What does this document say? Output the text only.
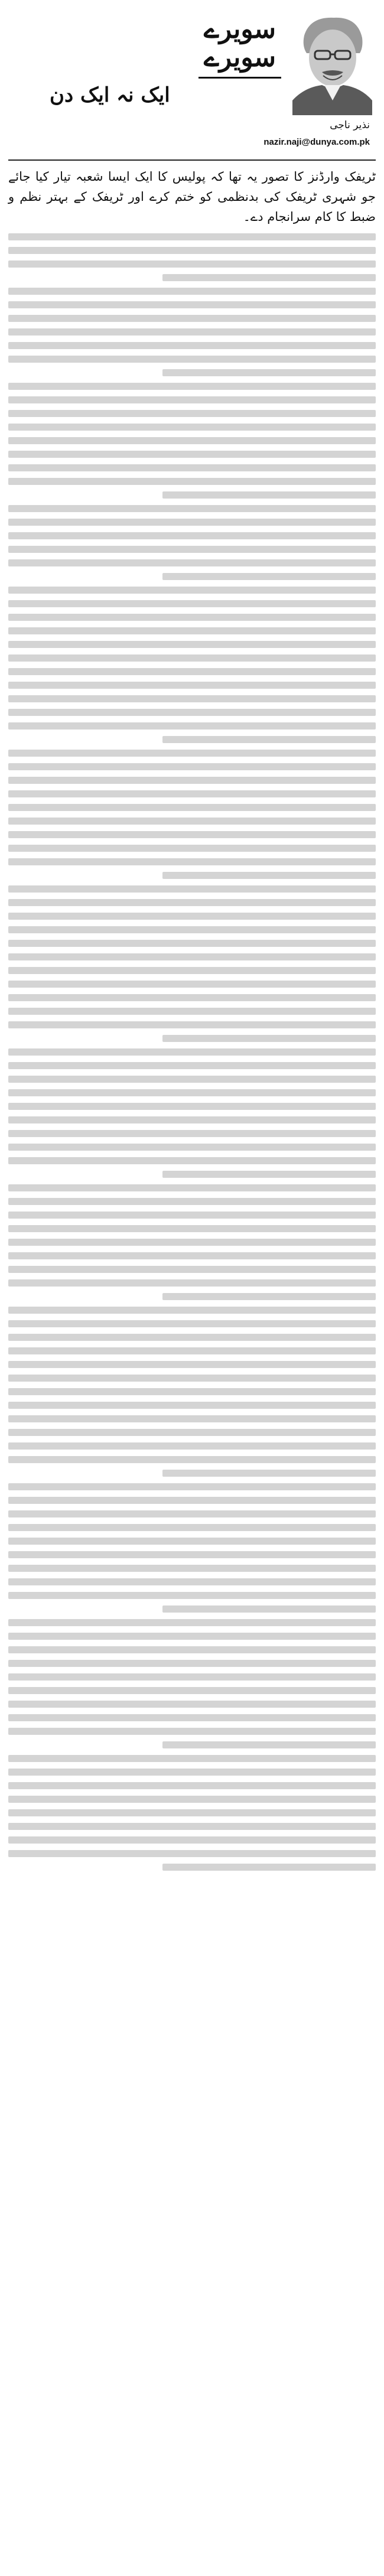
سویرے سویرے
ایک نہ ایک دن
نذیر ناجی
nazir.naji@dunya.com.pk

ٹریفک وارڈنز کا تصور یہ تھا کہ پولیس کا ایک ایسا شعبہ تیار کیا جائے جو شہری ٹریفک کی بدنظمی کو ختم کرے اور ٹریفک کے بہتر نظم و ضبط کا کام سرانجام دے۔
